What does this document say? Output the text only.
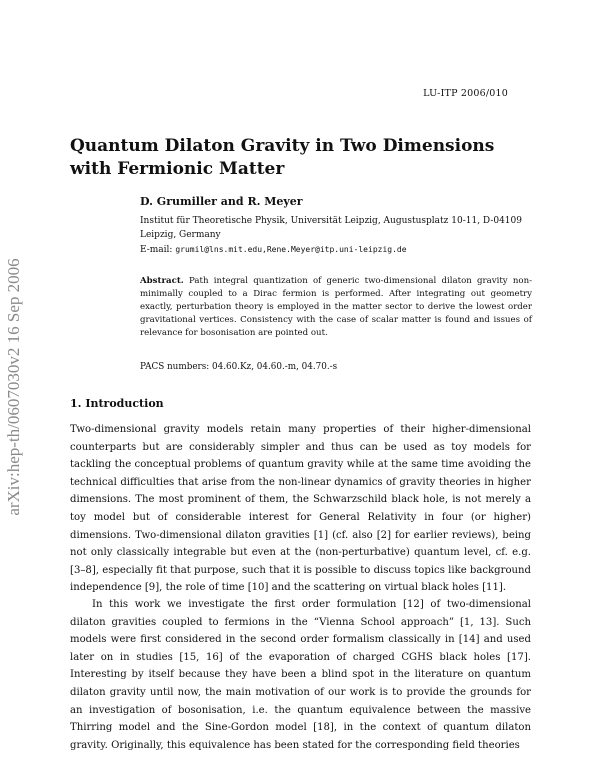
LU-ITP 2006/010
arXiv:hep-th/0607030v2 16 Sep 2006
Quantum Dilaton Gravity in Two Dimensions with Fermionic Matter
D. Grumiller and R. Meyer
Institut für Theoretische Physik, Universität Leipzig, Augustusplatz 10-11, D-04109 Leipzig, Germany
E-mail: grumil@lns.mit.edu,Rene.Meyer@itp.uni-leipzig.de

Abstract. Path integral quantization of generic two-dimensional dilaton gravity non-minimally coupled to a Dirac fermion is performed. After integrating out geometry exactly, perturbation theory is employed in the matter sector to derive the lowest order gravitational vertices. Consistency with the case of scalar matter is found and issues of relevance for bosonisation are pointed out.

PACS numbers: 04.60.Kz, 04.60.-m, 04.70.-s
1. Introduction

Two-dimensional gravity models retain many properties of their higher-dimensional counterparts but are considerably simpler and thus can be used as toy models for tackling the conceptual problems of quantum gravity while at the same time avoiding the technical difficulties that arise from the non-linear dynamics of gravity theories in higher dimensions. The most prominent of them, the Schwarzschild black hole, is not merely a toy model but of considerable interest for General Relativity in four (or higher) dimensions. Two-dimensional dilaton gravities [1] (cf. also [2] for earlier reviews), being not only classically integrable but even at the (non-perturbative) quantum level, cf. e.g. [3–8], especially fit that purpose, such that it is possible to discuss topics like background independence [9], the role of time [10] and the scattering on virtual black holes [11].

In this work we investigate the first order formulation [12] of two-dimensional dilaton gravities coupled to fermions in the “Vienna School approach” [1, 13]. Such models were first considered in the second order formalism classically in [14] and used later on in studies [15, 16] of the evaporation of charged CGHS black holes [17]. Interesting by itself because they have been a blind spot in the literature on quantum dilaton gravity until now, the main motivation of our work is to provide the grounds for an investigation of bosonisation, i.e. the quantum equivalence between the massive Thirring model and the Sine-Gordon model [18], in the context of quantum dilaton gravity. Originally, this equivalence has been stated for the corresponding field theories
